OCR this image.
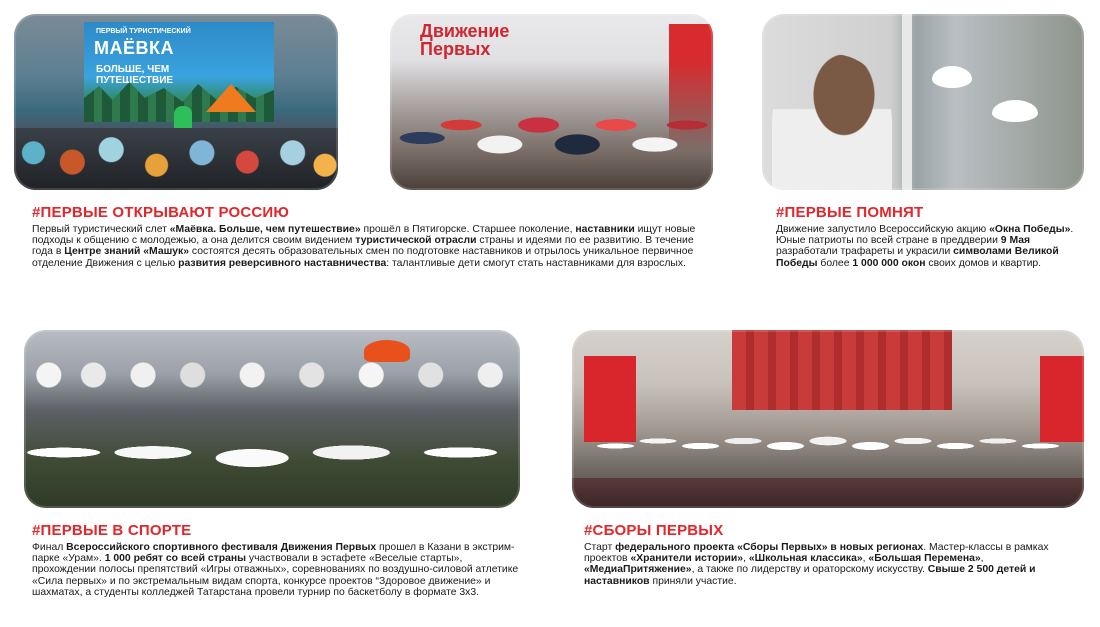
ПЕРВЫЙ ТУРИСТИЧЕСКИЙ
МАЁВКА
БОЛЬШЕ, ЧЕМ ПУТЕШЕСТВИЕ
Движение Первых
#ПЕРВЫЕ ОТКРЫВАЮТ РОССИЮ

Первый туристический слет «Маёвка. Больше, чем путешествие» прошёл в Пятигорске. Старшее поколение, наставники ищут новые подходы к общению с молодежью, а она делится своим видением туристической отрасли страны и идеями по ее развитию. В течение года в Центре знаний «Машук» состоятся десять образовательных смен по подготовке наставников и отрылось уникальное первичное отделение Движения с целью развития реверсивного наставничества: талантливые дети смогут стать наставниками для взрослых.

#ПЕРВЫЕ ПОМНЯТ

Движение запустило Всероссийскую акцию «Окна Победы». Юные патриоты по всей стране в преддверии 9 Мая разработали трафареты и украсили символами Великой Победы более 1 000 000 окон своих домов и квартир.

#ПЕРВЫЕ В СПОРТЕ

Финал Всероссийского спортивного фестиваля Движения Первых прошел в Казани в экстрим-парке «Урам». 1 000 ребят со всей страны участвовали в эстафете «Веселые старты», прохождении полосы препятствий «Игры отважных», соревнованиях по воздушно-силовой атлетике «Сила первых» и по экстремальным видам спорта, конкурсе проектов “Здоровое движение» и шахматах, а студенты колледжей Татарстана провели турнир по баскетболу в формате 3х3.

#СБОРЫ ПЕРВЫХ

Старт федерального проекта «Сборы Первых» в новых регионах. Мастер-классы в рамках проектов «Хранители истории», «Школьная классика», «Большая Перемена», «МедиаПритяжение», а также по лидерству и ораторскому искусству. Свыше 2 500 детей и наставников приняли участие.
